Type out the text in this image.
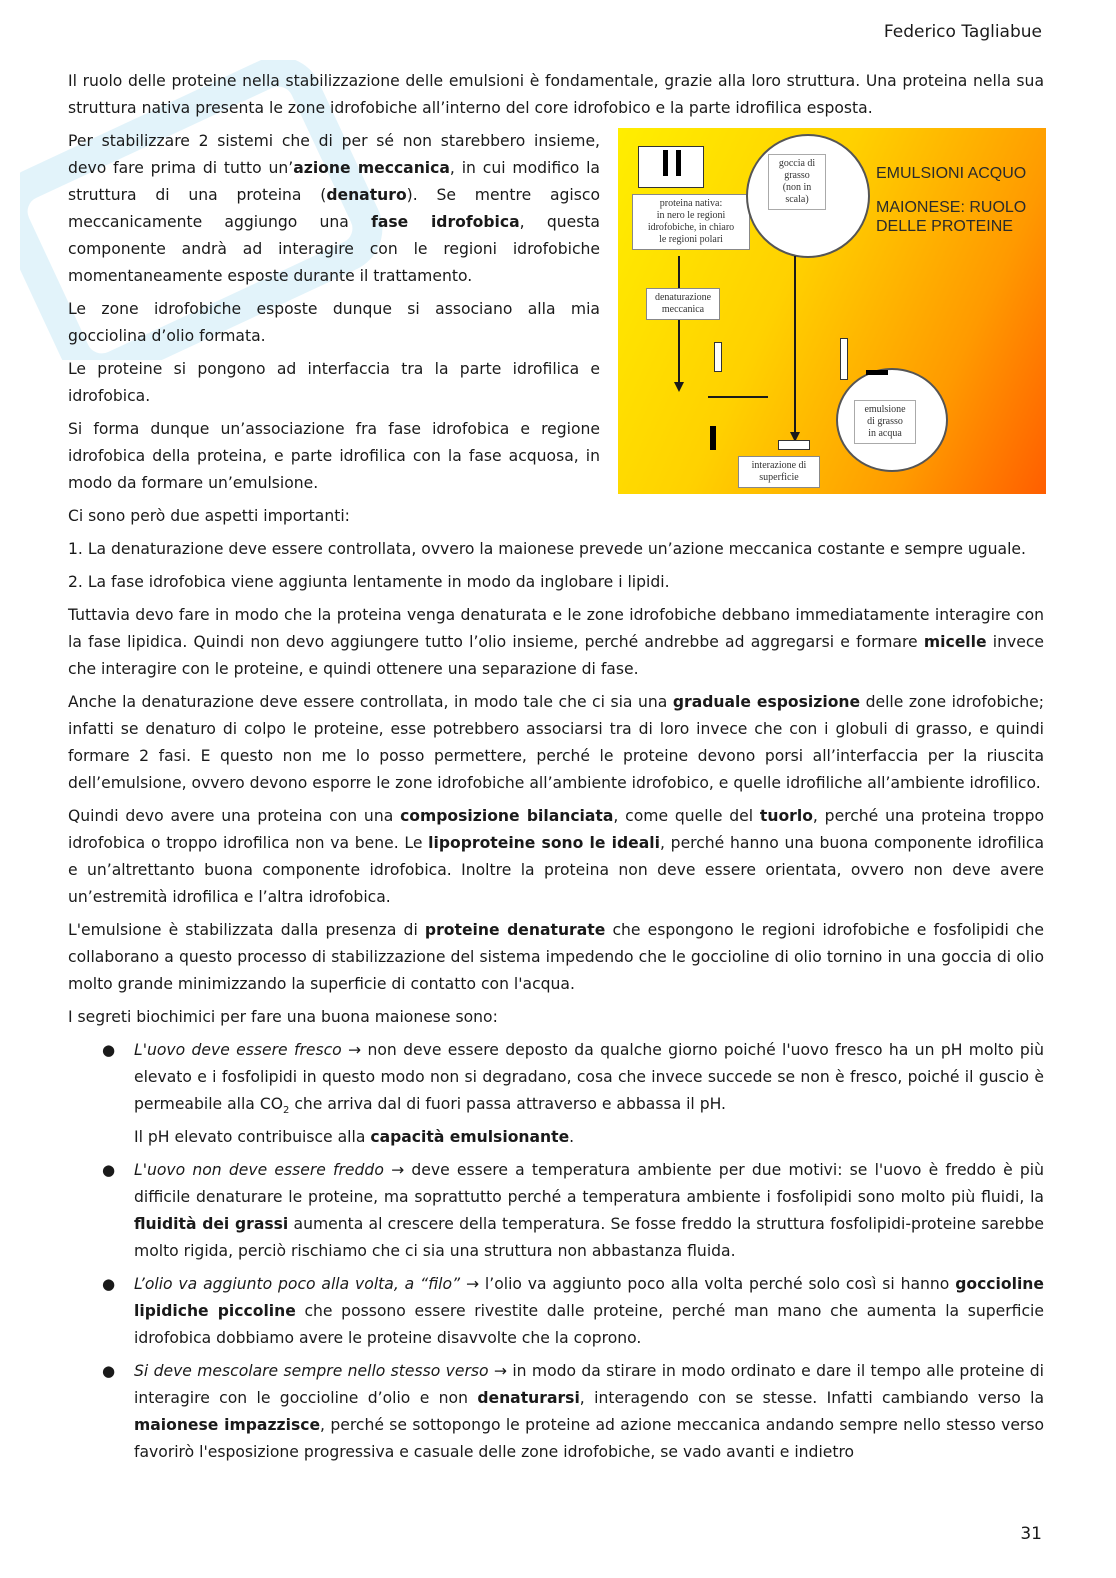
Federico Tagliabue

Il ruolo delle proteine nella stabilizzazione delle emulsioni è fondamentale, grazie alla loro struttura. Una proteina nella sua struttura nativa presenta le zone idrofobiche all’interno del core idrofobico e la parte idrofilica esposta.

EMULSIONI ACQUO
MAIONESE: RUOLO
DELLE PROTEINE
proteina nativa:
in nero le regioni
idrofobiche, in chiaro
le regioni polari
goccia di
grasso
(non in
scala)
denaturazione
meccanica
emulsione
di grasso
in acqua
interazione di
superficie

Per stabilizzare 2 sistemi che di per sé non starebbero insieme, devo fare prima di tutto un’azione meccanica, in cui modifico la struttura di una proteina (denaturo). Se mentre agisco meccanicamente aggiungo una fase idrofobica, questa componente andrà ad interagire con le regioni idrofobiche momentaneamente esposte durante il trattamento.

Le zone idrofobiche esposte dunque si associano alla mia gocciolina d’olio formata.

Le proteine si pongono ad interfaccia tra la parte idrofilica e idrofobica.

Si forma dunque un’associazione fra fase idrofobica e regione idrofobica della proteina, e parte idrofilica con la fase acquosa, in modo da formare un’emulsione.

Ci sono però due aspetti importanti:

1. La denaturazione deve essere controllata, ovvero la maionese prevede un’azione meccanica costante e sempre uguale.

2. La fase idrofobica viene aggiunta lentamente in modo da inglobare i lipidi.

Tuttavia devo fare in modo che la proteina venga denaturata e le zone idrofobiche debbano immediatamente interagire con la fase lipidica. Quindi non devo aggiungere tutto l’olio insieme, perché andrebbe ad aggregarsi e formare micelle invece che interagire con le proteine, e quindi ottenere una separazione di fase.

Anche la denaturazione deve essere controllata, in modo tale che ci sia una graduale esposizione delle zone idrofobiche; infatti se denaturo di colpo le proteine, esse potrebbero associarsi tra di loro invece che con i globuli di grasso, e quindi formare 2 fasi. E questo non me lo posso permettere, perché le proteine devono porsi all’interfaccia per la riuscita dell’emulsione, ovvero devono esporre le zone idrofobiche all’ambiente idrofobico, e quelle idrofiliche all’ambiente idrofilico.

Quindi devo avere una proteina con una composizione bilanciata, come quelle del tuorlo, perché una proteina troppo idrofobica o troppo idrofilica non va bene. Le lipoproteine sono le ideali, perché hanno una buona componente idrofilica e un’altrettanto buona componente idrofobica. Inoltre la proteina non deve essere orientata, ovvero non deve avere un’estremità idrofilica e l’altra idrofobica.

L'emulsione è stabilizzata dalla presenza di proteine denaturate che espongono le regioni idrofobiche e fosfolipidi che collaborano a questo processo di stabilizzazione del sistema impedendo che le goccioline di olio tornino in una goccia di olio molto grande minimizzando la superficie di contatto con l'acqua.

I segreti biochimici per fare una buona maionese sono:

● L'uovo deve essere fresco → non deve essere deposto da qualche giorno poiché l'uovo fresco ha un pH molto più elevato e i fosfolipidi in questo modo non si degradano, cosa che invece succede se non è fresco, poiché il guscio è permeabile alla $CO_2$ che arriva dal di fuori passa attraverso e abbassa il pH.
Il pH elevato contribuisce alla capacità emulsionante.
● L'uovo non deve essere freddo → deve essere a temperatura ambiente per due motivi: se l'uovo è freddo è più difficile denaturare le proteine, ma soprattutto perché a temperatura ambiente i fosfolipidi sono molto più fluidi, la fluidità dei grassi aumenta al crescere della temperatura. Se fosse freddo la struttura fosfolipidi-proteine sarebbe molto rigida, perciò rischiamo che ci sia una struttura non abbastanza fluida.
● L’olio va aggiunto poco alla volta, a “filo” → l’olio va aggiunto poco alla volta perché solo così si hanno goccioline lipidiche piccoline che possono essere rivestite dalle proteine, perché man mano che aumenta la superficie idrofobica dobbiamo avere le proteine disavvolte che la coprono.
● Si deve mescolare sempre nello stesso verso → in modo da stirare in modo ordinato e dare il tempo alle proteine di interagire con le goccioline d’olio e non denaturarsi, interagendo con se stesse. Infatti cambiando verso la maionese impazzisce, perché se sottopongo le proteine ad azione meccanica andando sempre nello stesso verso favorirò l'esposizione progressiva e casuale delle zone idrofobiche, se vado avanti e indietro
31
